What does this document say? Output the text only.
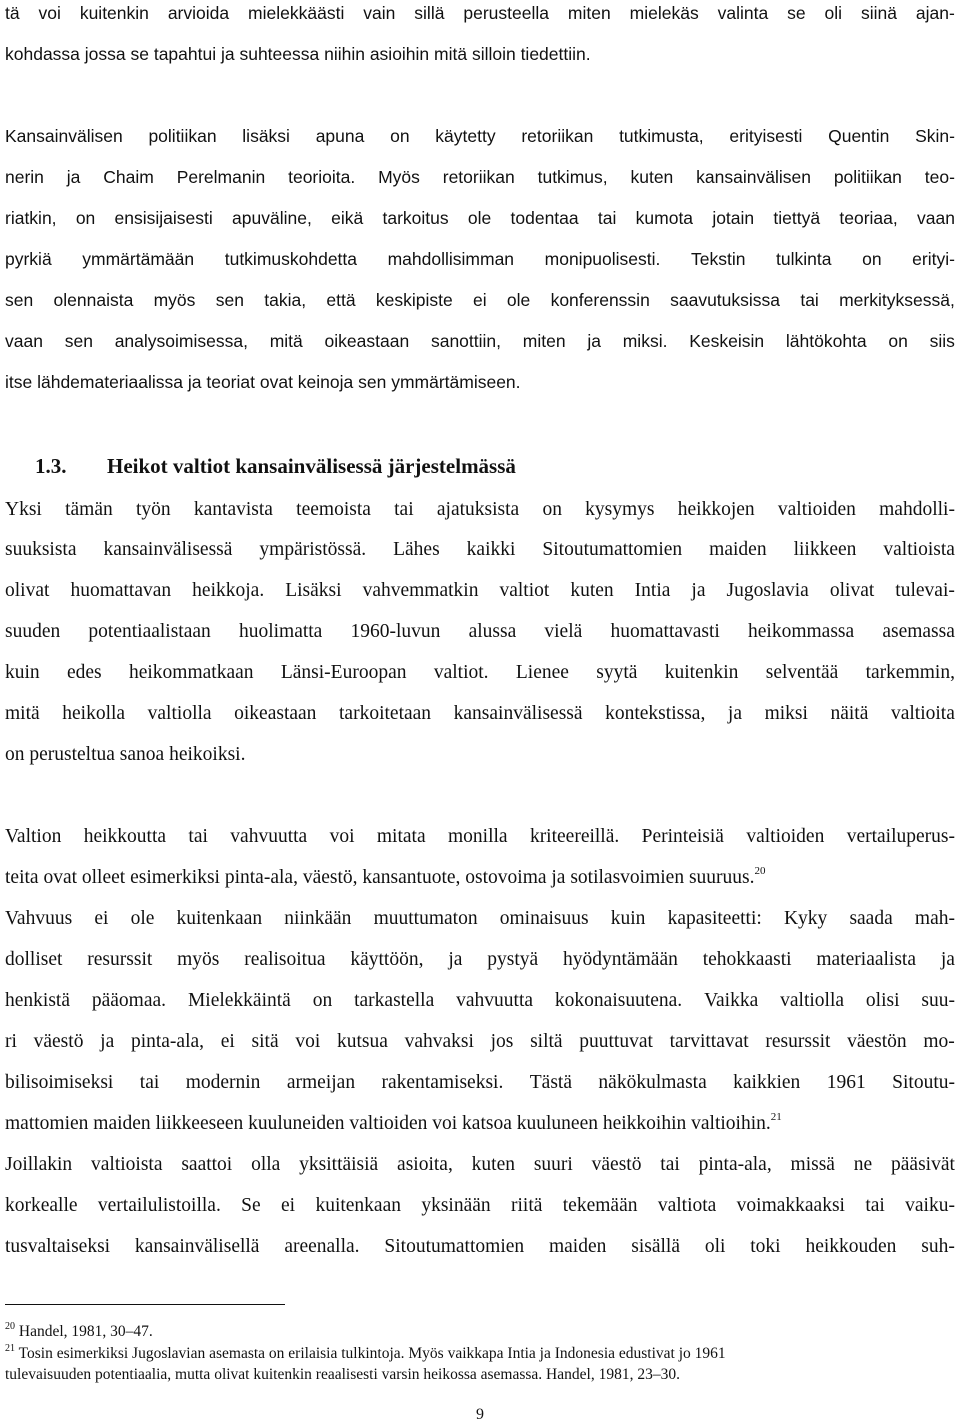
tä voi kuitenkin arvioida mielekkäästi vain sillä perusteella miten mielekäs valinta se oli siinä ajan-
kohdassa jossa se tapahtui ja suhteessa niihin asioihin mitä silloin tiedettiin.
Kansainvälisen politiikan lisäksi apuna on käytetty retoriikan tutkimusta, erityisesti Quentin Skin-
nerin ja Chaim Perelmanin teorioita. Myös retoriikan tutkimus, kuten kansainvälisen politiikan teo-
riatkin, on ensisijaisesti apuväline, eikä tarkoitus ole todentaa tai kumota jotain tiettyä teoriaa, vaan
pyrkiä ymmärtämään tutkimuskohdetta mahdollisimman monipuolisesti. Tekstin tulkinta on erityi-
sen olennaista myös sen takia, että keskipiste ei ole konferenssin saavutuksissa tai merkityksessä,
vaan sen analysoimisessa, mitä oikeastaan sanottiin, miten ja miksi. Keskeisin lähtökohta on siis
itse lähdemateriaalissa ja teoriat ovat keinoja sen ymmärtämiseen.
1.3. Heikot valtiot kansainvälisessä järjestelmässä
Yksi tämän työn kantavista teemoista tai ajatuksista on kysymys heikkojen valtioiden mahdolli-
suuksista kansainvälisessä ympäristössä. Lähes kaikki Sitoutumattomien maiden liikkeen valtioista
olivat huomattavan heikkoja. Lisäksi vahvemmatkin valtiot kuten Intia ja Jugoslavia olivat tulevai-
suuden potentiaalistaan huolimatta 1960-luvun alussa vielä huomattavasti heikommassa asemassa
kuin edes heikommatkaan Länsi-Euroopan valtiot. Lienee syytä kuitenkin selventää tarkemmin,
mitä heikolla valtiolla oikeastaan tarkoitetaan kansainvälisessä kontekstissa, ja miksi näitä valtioita
on perusteltua sanoa heikoiksi.
Valtion heikkoutta tai vahvuutta voi mitata monilla kriteereillä. Perinteisiä valtioiden vertailuperus-
teita ovat olleet esimerkiksi pinta-ala, väestö, kansantuote, ostovoima ja sotilasvoimien suuruus.$^{20}$
Vahvuus ei ole kuitenkaan niinkään muuttumaton ominaisuus kuin kapasiteetti: Kyky saada mah-
dolliset resurssit myös realisoitua käyttöön, ja pystyä hyödyntämään tehokkaasti materiaalista ja
henkistä pääomaa. Mielekkäintä on tarkastella vahvuutta kokonaisuutena. Vaikka valtiolla olisi suu-
ri väestö ja pinta-ala, ei sitä voi kutsua vahvaksi jos siltä puuttuvat tarvittavat resurssit väestön mo-
bilisoimiseksi tai modernin armeijan rakentamiseksi. Tästä näkökulmasta kaikkien 1961 Sitoutu-
mattomien maiden liikkeeseen kuuluneiden valtioiden voi katsoa kuuluneen heikkoihin valtioihin.$^{21}$
Joillakin valtioista saattoi olla yksittäisiä asioita, kuten suuri väestö tai pinta-ala, missä ne pääsivät
korkealle vertailulistoilla. Se ei kuitenkaan yksinään riitä tekemään valtiota voimakkaaksi tai vaiku-
tusvaltaiseksi kansainvälisellä areenalla. Sitoutumattomien maiden sisällä oli toki heikkouden suh-
$^{20}$ Handel, 1981, 30–47.
$^{21}$ Tosin esimerkiksi Jugoslavian asemasta on erilaisia tulkintoja. Myös vaikkapa Intia ja Indonesia edustivat jo 1961
tulevaisuuden potentiaalia, mutta olivat kuitenkin reaalisesti varsin heikossa asemassa. Handel, 1981, 23–30.
9
